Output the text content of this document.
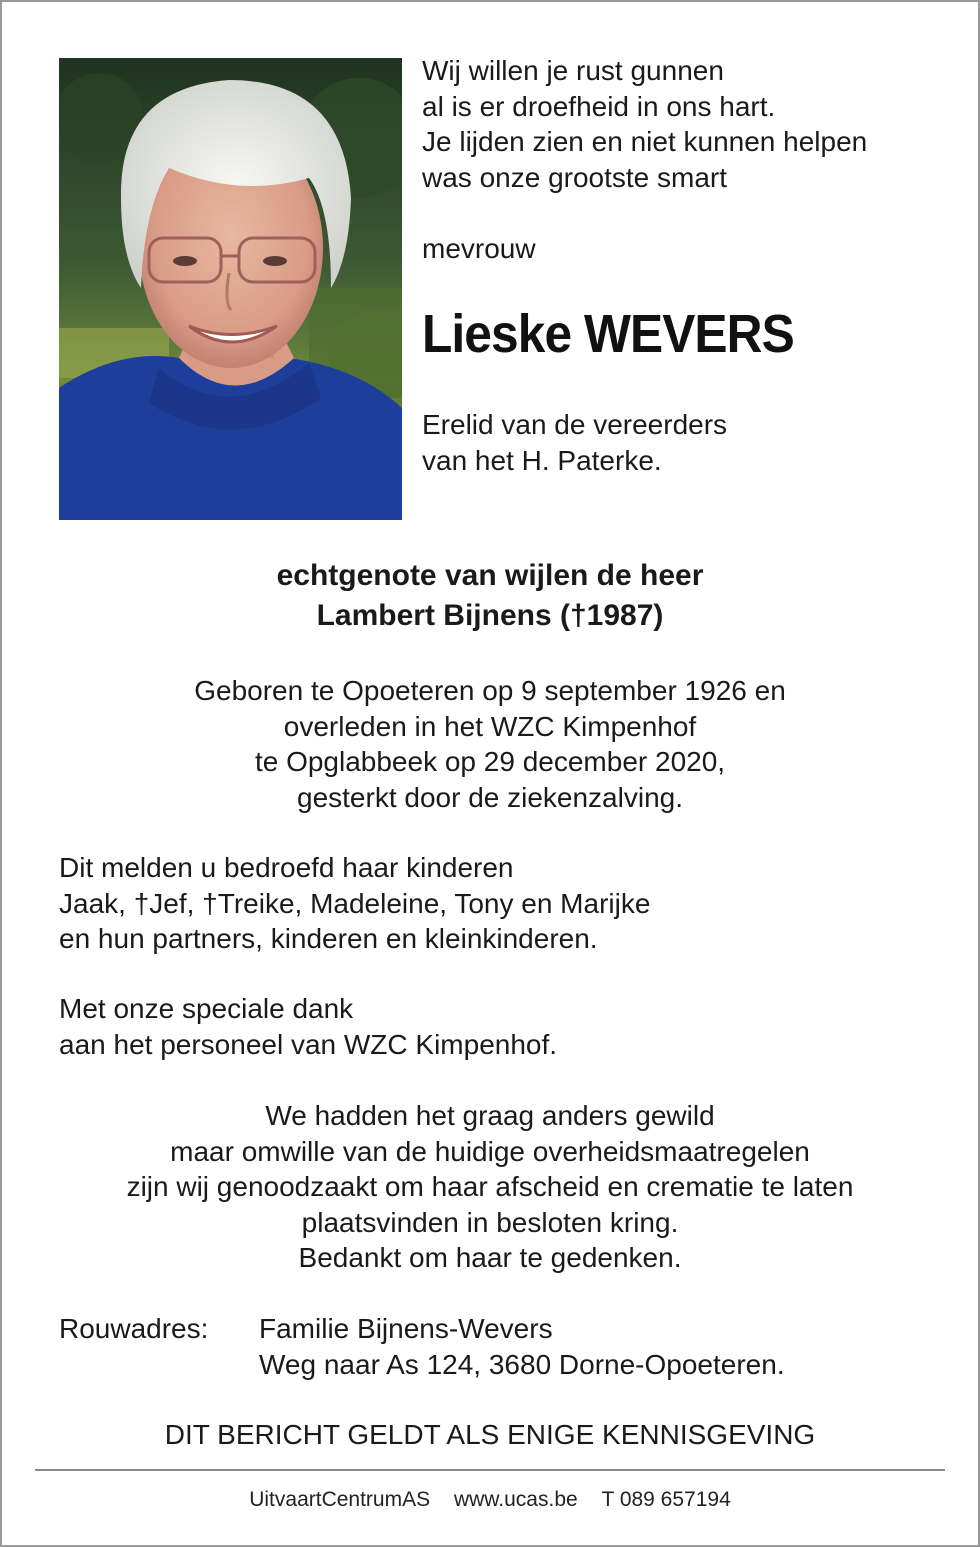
Wij willen je rust gunnen
al is er droefheid in ons hart.
Je lijden zien en niet kunnen helpen
was onze grootste smart
mevrouw
Lieske WEVERS
Erelid van de vereerders
van het H. Paterke.
echtgenote van wijlen de heer
Lambert Bijnens (†1987)
Geboren te Opoeteren op 9 september 1926 en
overleden in het WZC Kimpenhof
te Opglabbeek op 29 december 2020,
gesterkt door de ziekenzalving.
Dit melden u bedroefd haar kinderen
Jaak, †Jef, †Treike, Madeleine, Tony en Marijke
en hun partners, kinderen en kleinkinderen.
Met onze speciale dank
aan het personeel van WZC Kimpenhof.
We hadden het graag anders gewild
maar omwille van de huidige overheidsmaatregelen
zijn wij genoodzaakt om haar afscheid en crematie te laten
plaatsvinden in besloten kring.
Bedankt om haar te gedenken.
Rouwadres: Familie Bijnens-Wevers
Weg naar As 124, 3680 Dorne-Opoeteren.
DIT BERICHT GELDT ALS ENIGE KENNISGEVING
UitvaartCentrumAS www.ucas.be T 089 657194
